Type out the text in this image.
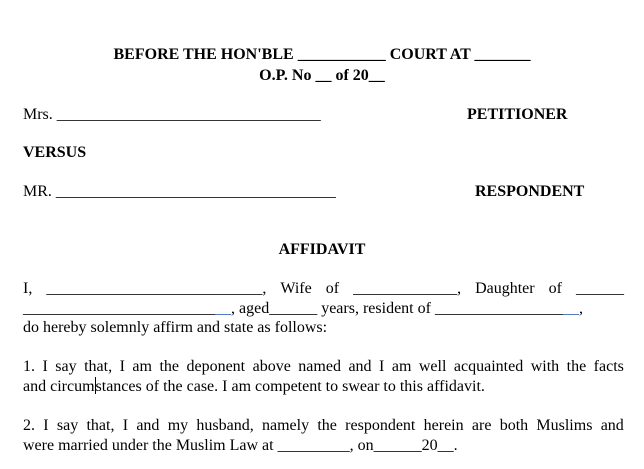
BEFORE THE HON'BLE ___________ COURT AT _______
O.P. No __ of 20__
Mrs. _________________________________	PETITIONER
VERSUS
MR. ___________________________________	RESPONDENT
AFFIDAVIT
I, ___________________________, Wife of _____________, Daughter of ______
__________________________, aged______ years, resident of __________________,
do hereby solemnly affirm and state as follows:
1. I say that, I am the deponent above named and I am well acquainted with the facts
and circumstances of the case. I am competent to swear to this affidavit.
2. I say that, I and my husband, namely the respondent herein are both Muslims and
were married under the Muslim Law at _________, on______20__.
